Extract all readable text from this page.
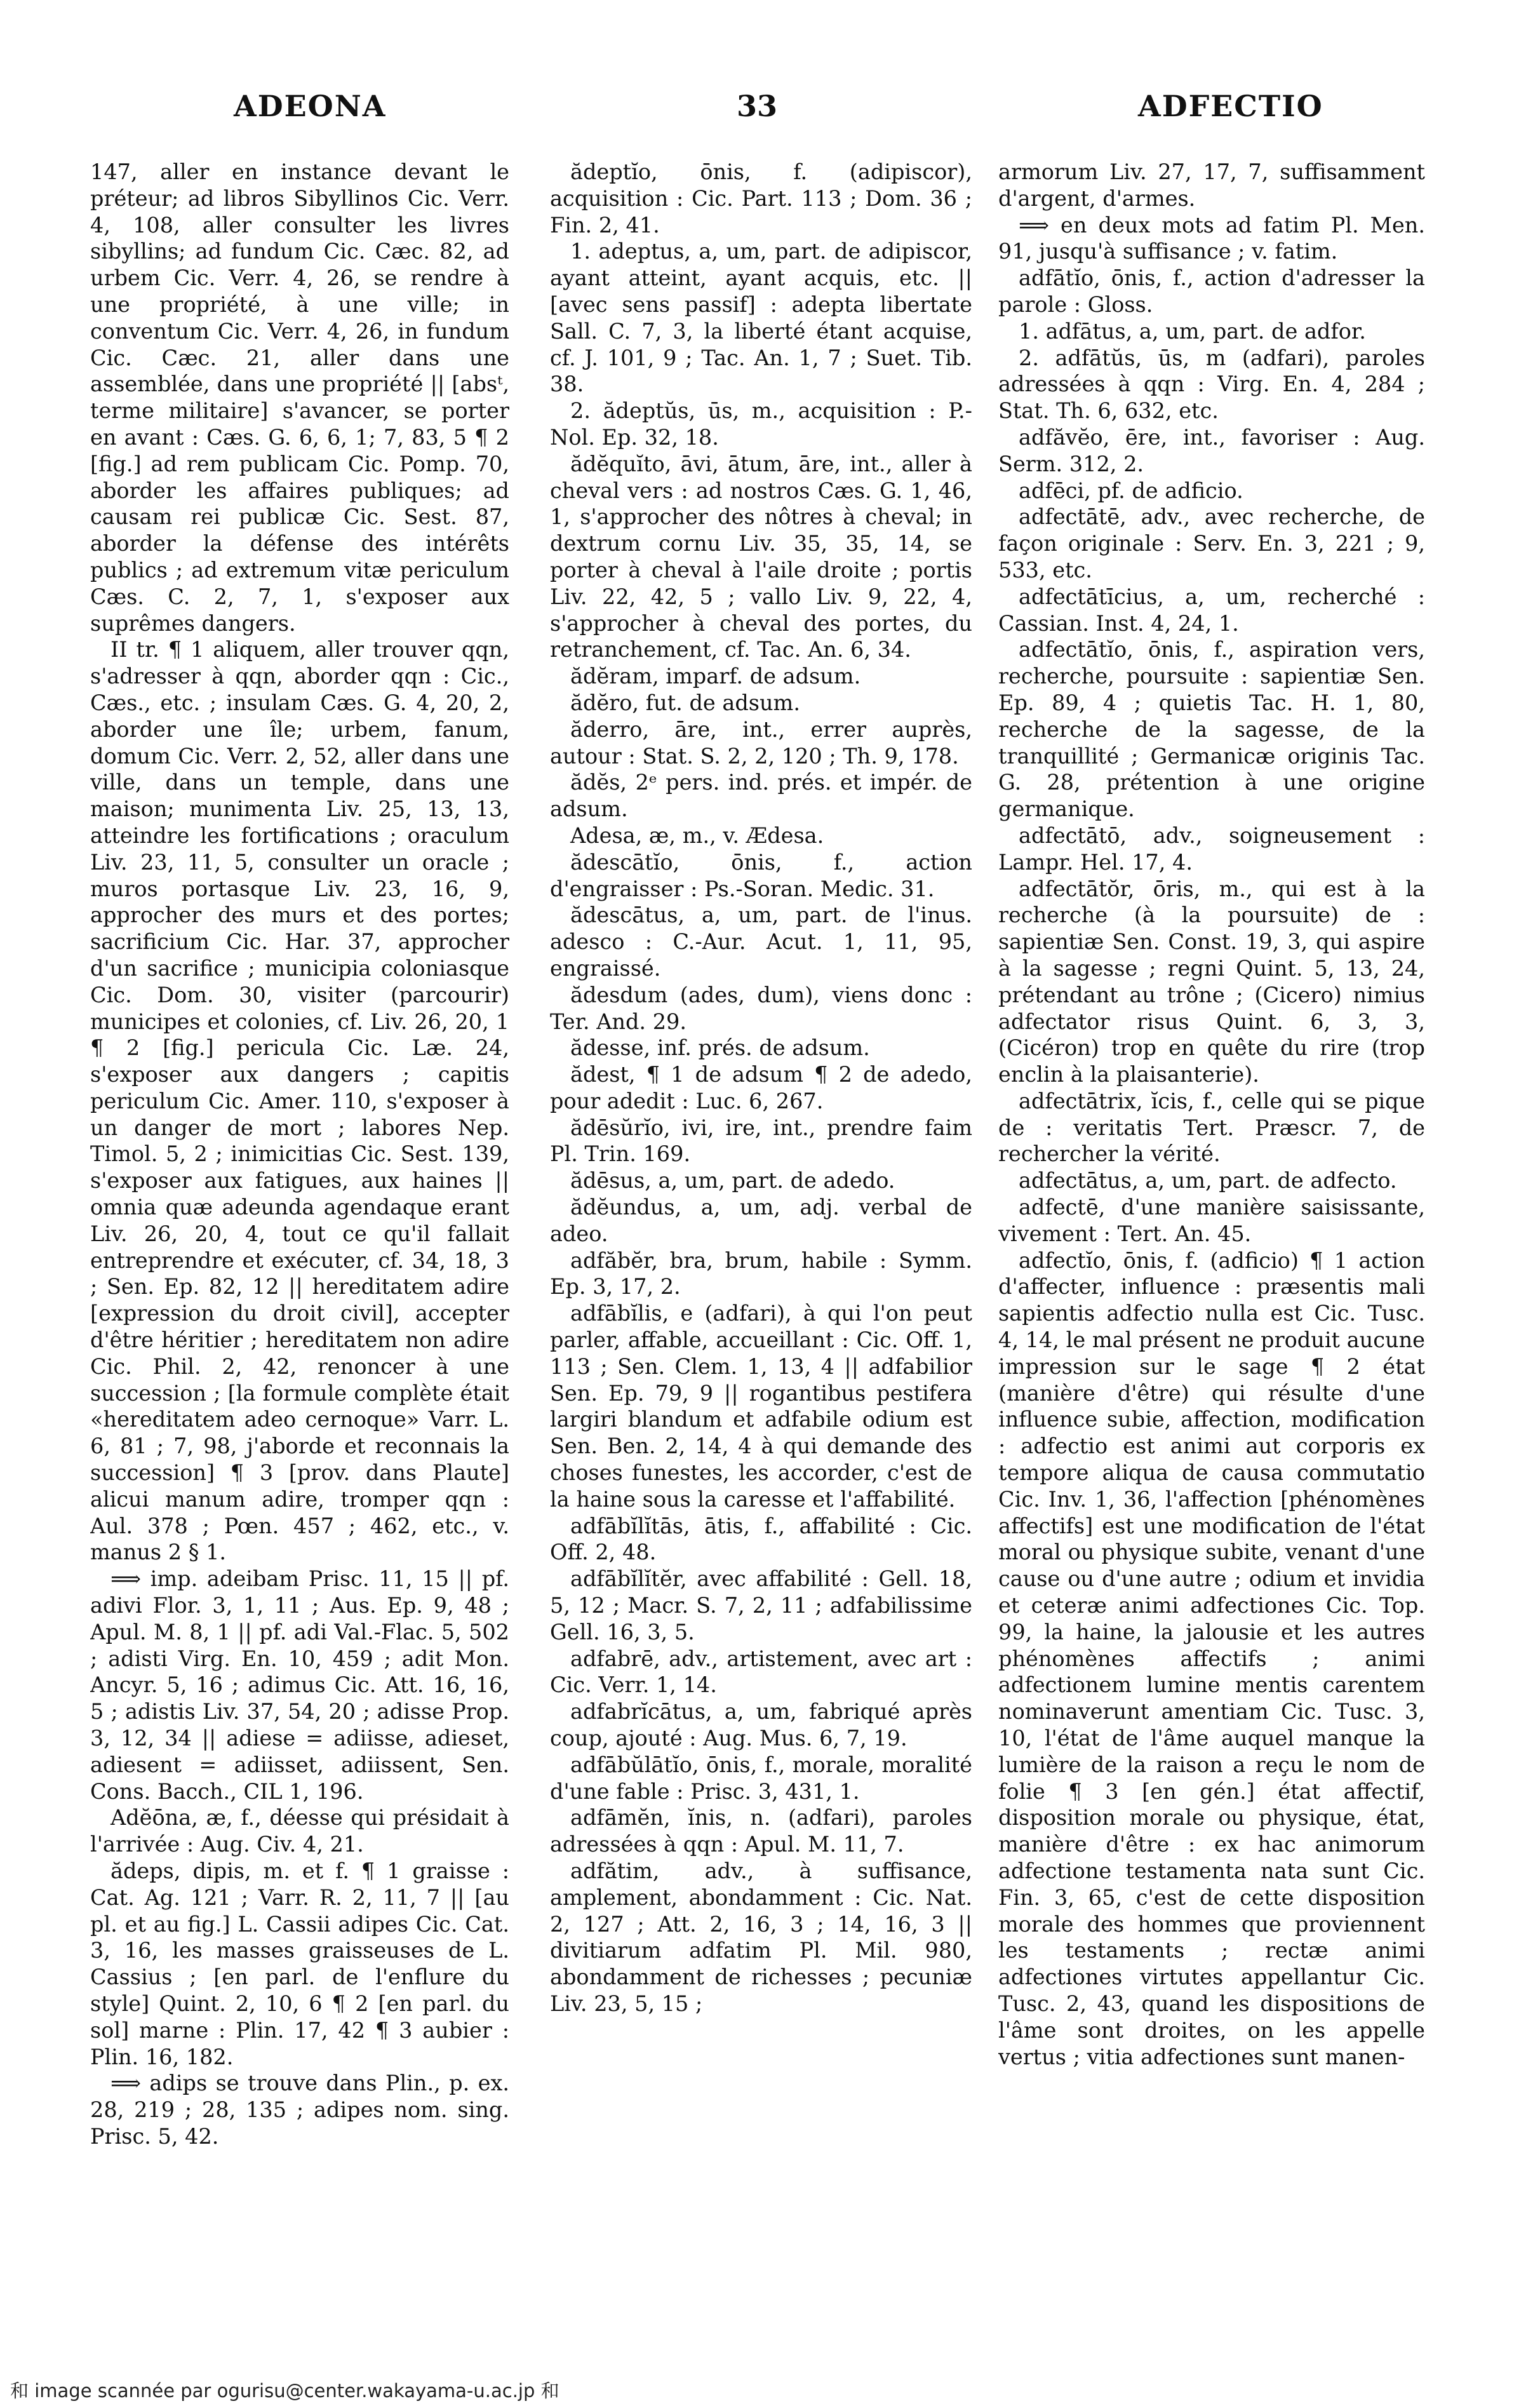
ADEONA	33	ADFECTIO

147, aller en instance devant le préteur; ad libros Sibyllinos Cic. Verr. 4, 108, aller consulter les livres sibyllins; ad fundum Cic. Cæc. 82, ad urbem Cic. Verr. 4, 26, se rendre à une propriété, à une ville; in conventum Cic. Verr. 4, 26, in fundum Cic. Cæc. 21, aller dans une assemblée, dans une propriété || [absᵗ, terme militaire] s'avancer, se porter en avant : Cæs. G. 6, 6, 1; 7, 83, 5 ¶ 2 [fig.] ad rem publicam Cic. Pomp. 70, aborder les affaires publiques; ad causam rei publicæ Cic. Sest. 87, aborder la défense des intérêts publics ; ad extremum vitæ periculum Cæs. C. 2, 7, 1, s'exposer aux suprêmes dangers.

II tr. ¶ 1 aliquem, aller trouver qqn, s'adresser à qqn, aborder qqn : Cic., Cæs., etc. ; insulam Cæs. G. 4, 20, 2, aborder une île; urbem, fanum, domum Cic. Verr. 2, 52, aller dans une ville, dans un temple, dans une maison; munimenta Liv. 25, 13, 13, atteindre les fortifications ; oraculum Liv. 23, 11, 5, consulter un oracle ; muros portasque Liv. 23, 16, 9, approcher des murs et des portes; sacrificium Cic. Har. 37, approcher d'un sacrifice ; municipia coloniasque Cic. Dom. 30, visiter (parcourir) municipes et colonies, cf. Liv. 26, 20, 1 ¶ 2 [fig.] pericula Cic. Læ. 24, s'exposer aux dangers ; capitis periculum Cic. Amer. 110, s'exposer à un danger de mort ; labores Nep. Timol. 5, 2 ; inimicitias Cic. Sest. 139, s'exposer aux fatigues, aux haines || omnia quæ adeunda agendaque erant Liv. 26, 20, 4, tout ce qu'il fallait entreprendre et exécuter, cf. 34, 18, 3 ; Sen. Ep. 82, 12 || hereditatem adire [expression du droit civil], accepter d'être héritier ; hereditatem non adire Cic. Phil. 2, 42, renoncer à une succession ; [la formule complète était «hereditatem adeo cernoque» Varr. L. 6, 81 ; 7, 98, j'aborde et reconnais la succession] ¶ 3 [prov. dans Plaute] alicui manum adire, tromper qqn : Aul. 378 ; Pœn. 457 ; 462, etc., v. manus 2 § 1.

⟹ imp. adeibam Prisc. 11, 15 || pf. adivi Flor. 3, 1, 11 ; Aus. Ep. 9, 48 ; Apul. M. 8, 1 || pf. adi Val.-Flac. 5, 502 ; adisti Virg. En. 10, 459 ; adit Mon. Ancyr. 5, 16 ; adimus Cic. Att. 16, 16, 5 ; adistis Liv. 37, 54, 20 ; adisse Prop. 3, 12, 34 || adiese = adiisse, adieset, adiesent = adiisset, adiissent, Sen. Cons. Bacch., CIL 1, 196.

Adĕōna, æ, f., déesse qui présidait à l'arrivée : Aug. Civ. 4, 21.

ădeps, dipis, m. et f. ¶ 1 graisse : Cat. Ag. 121 ; Varr. R. 2, 11, 7 || [au pl. et au fig.] L. Cassii adipes Cic. Cat. 3, 16, les masses graisseuses de L. Cassius ; [en parl. de l'enflure du style] Quint. 2, 10, 6 ¶ 2 [en parl. du sol] marne : Plin. 17, 42 ¶ 3 aubier : Plin. 16, 182.

⟹ adips se trouve dans Plin., p. ex. 28, 219 ; 28, 135 ; adipes nom. sing. Prisc. 5, 42.

ădeptĭo, ōnis, f. (adipiscor), acquisition : Cic. Part. 113 ; Dom. 36 ; Fin. 2, 41.

1. adeptus, a, um, part. de adipiscor, ayant atteint, ayant acquis, etc. || [avec sens passif] : adepta libertate Sall. C. 7, 3, la liberté étant acquise, cf. J. 101, 9 ; Tac. An. 1, 7 ; Suet. Tib. 38.

2. ădeptŭs, ūs, m., acquisition : P.-Nol. Ep. 32, 18.

ădĕquĭto, āvi, ātum, āre, int., aller à cheval vers : ad nostros Cæs. G. 1, 46, 1, s'approcher des nôtres à cheval; in dextrum cornu Liv. 35, 35, 14, se porter à cheval à l'aile droite ; portis Liv. 22, 42, 5 ; vallo Liv. 9, 22, 4, s'approcher à cheval des portes, du retranchement, cf. Tac. An. 6, 34.

ădĕram, imparf. de adsum.

ădĕro, fut. de adsum.

ăderro, āre, int., errer auprès, autour : Stat. S. 2, 2, 120 ; Th. 9, 178.

ădĕs, 2ᵉ pers. ind. prés. et impér. de adsum.

Adesa, æ, m., v. Ædesa.

ădescātĭo, ōnis, f., action d'engraisser : Ps.-Soran. Medic. 31.

ădescātus, a, um, part. de l'inus. adesco : C.-Aur. Acut. 1, 11, 95, engraissé.

ădesdum (ades, dum), viens donc : Ter. And. 29.

ădesse, inf. prés. de adsum.

ădest, ¶ 1 de adsum ¶ 2 de adedo, pour adedit : Luc. 6, 267.

ădēsŭrĭo, ivi, ire, int., prendre faim Pl. Trin. 169.

ădēsus, a, um, part. de adedo.

ădĕundus, a, um, adj. verbal de adeo.

adfăbĕr, bra, brum, habile : Symm. Ep. 3, 17, 2.

adfābĭlis, e (adfari), à qui l'on peut parler, affable, accueillant : Cic. Off. 1, 113 ; Sen. Clem. 1, 13, 4 || adfabilior Sen. Ep. 79, 9 || rogantibus pestifera largiri blandum et adfabile odium est Sen. Ben. 2, 14, 4 à qui demande des choses funestes, les accorder, c'est de la haine sous la caresse et l'affabilité.

adfābĭlĭtās, ātis, f., affabilité : Cic. Off. 2, 48.

adfābĭlĭtĕr, avec affabilité : Gell. 18, 5, 12 ; Macr. S. 7, 2, 11 ; adfabilissime Gell. 16, 3, 5.

adfabrē, adv., artistement, avec art : Cic. Verr. 1, 14.

adfabrĭcātus, a, um, fabriqué après coup, ajouté : Aug. Mus. 6, 7, 19.

adfābŭlātĭo, ōnis, f., morale, moralité d'une fable : Prisc. 3, 431, 1.

adfāmĕn, ĭnis, n. (adfari), paroles adressées à qqn : Apul. M. 11, 7.

adfătim, adv., à suffisance, amplement, abondamment : Cic. Nat. 2, 127 ; Att. 2, 16, 3 ; 14, 16, 3 || divitiarum adfatim Pl. Mil. 980, abondamment de richesses ; pecuniæ Liv. 23, 5, 15 ;

armorum Liv. 27, 17, 7, suffisamment d'argent, d'armes.

⟹ en deux mots ad fatim Pl. Men. 91, jusqu'à suffisance ; v. fatim.

adfātĭo, ōnis, f., action d'adresser la parole : Gloss.

1. adfātus, a, um, part. de adfor.

2. adfātŭs, ūs, m (adfari), paroles adressées à qqn : Virg. En. 4, 284 ; Stat. Th. 6, 632, etc.

adfăvĕo, ēre, int., favoriser : Aug. Serm. 312, 2.

adfēci, pf. de adficio.

adfectātē, adv., avec recherche, de façon originale : Serv. En. 3, 221 ; 9, 533, etc.

adfectātīcius, a, um, recherché : Cassian. Inst. 4, 24, 1.

adfectātĭo, ōnis, f., aspiration vers, recherche, poursuite : sapientiæ Sen. Ep. 89, 4 ; quietis Tac. H. 1, 80, recherche de la sagesse, de la tranquillité ; Germanicæ originis Tac. G. 28, prétention à une origine germanique.

adfectātō, adv., soigneusement : Lampr. Hel. 17, 4.

adfectātŏr, ōris, m., qui est à la recherche (à la poursuite) de : sapientiæ Sen. Const. 19, 3, qui aspire à la sagesse ; regni Quint. 5, 13, 24, prétendant au trône ; (Cicero) nimius adfectator risus Quint. 6, 3, 3, (Cicéron) trop en quête du rire (trop enclin à la plaisanterie).

adfectātrix, ĭcis, f., celle qui se pique de : veritatis Tert. Præscr. 7, de rechercher la vérité.

adfectātus, a, um, part. de adfecto.

adfectē, d'une manière saisissante, vivement : Tert. An. 45.

adfectĭo, ōnis, f. (adficio) ¶ 1 action d'affecter, influence : præsentis mali sapientis adfectio nulla est Cic. Tusc. 4, 14, le mal présent ne produit aucune impression sur le sage ¶ 2 état (manière d'être) qui résulte d'une influence subie, affection, modification : adfectio est animi aut corporis ex tempore aliqua de causa commutatio Cic. Inv. 1, 36, l'affection [phénomènes affectifs] est une modification de l'état moral ou physique subite, venant d'une cause ou d'une autre ; odium et invidia et ceteræ animi adfectiones Cic. Top. 99, la haine, la jalousie et les autres phénomènes affectifs ; animi adfectionem lumine mentis carentem nominaverunt amentiam Cic. Tusc. 3, 10, l'état de l'âme auquel manque la lumière de la raison a reçu le nom de folie ¶ 3 [en gén.] état affectif, disposition morale ou physique, état, manière d'être : ex hac animorum adfectione testamenta nata sunt Cic. Fin. 3, 65, c'est de cette disposition morale des hommes que proviennent les testaments ; rectæ animi adfectiones virtutes appellantur Cic. Tusc. 2, 43, quand les dispositions de l'âme sont droites, on les appelle vertus ; vitia adfectiones sunt manen-

和 image scannée par ogurisu@center.wakayama-u.ac.jp 和
